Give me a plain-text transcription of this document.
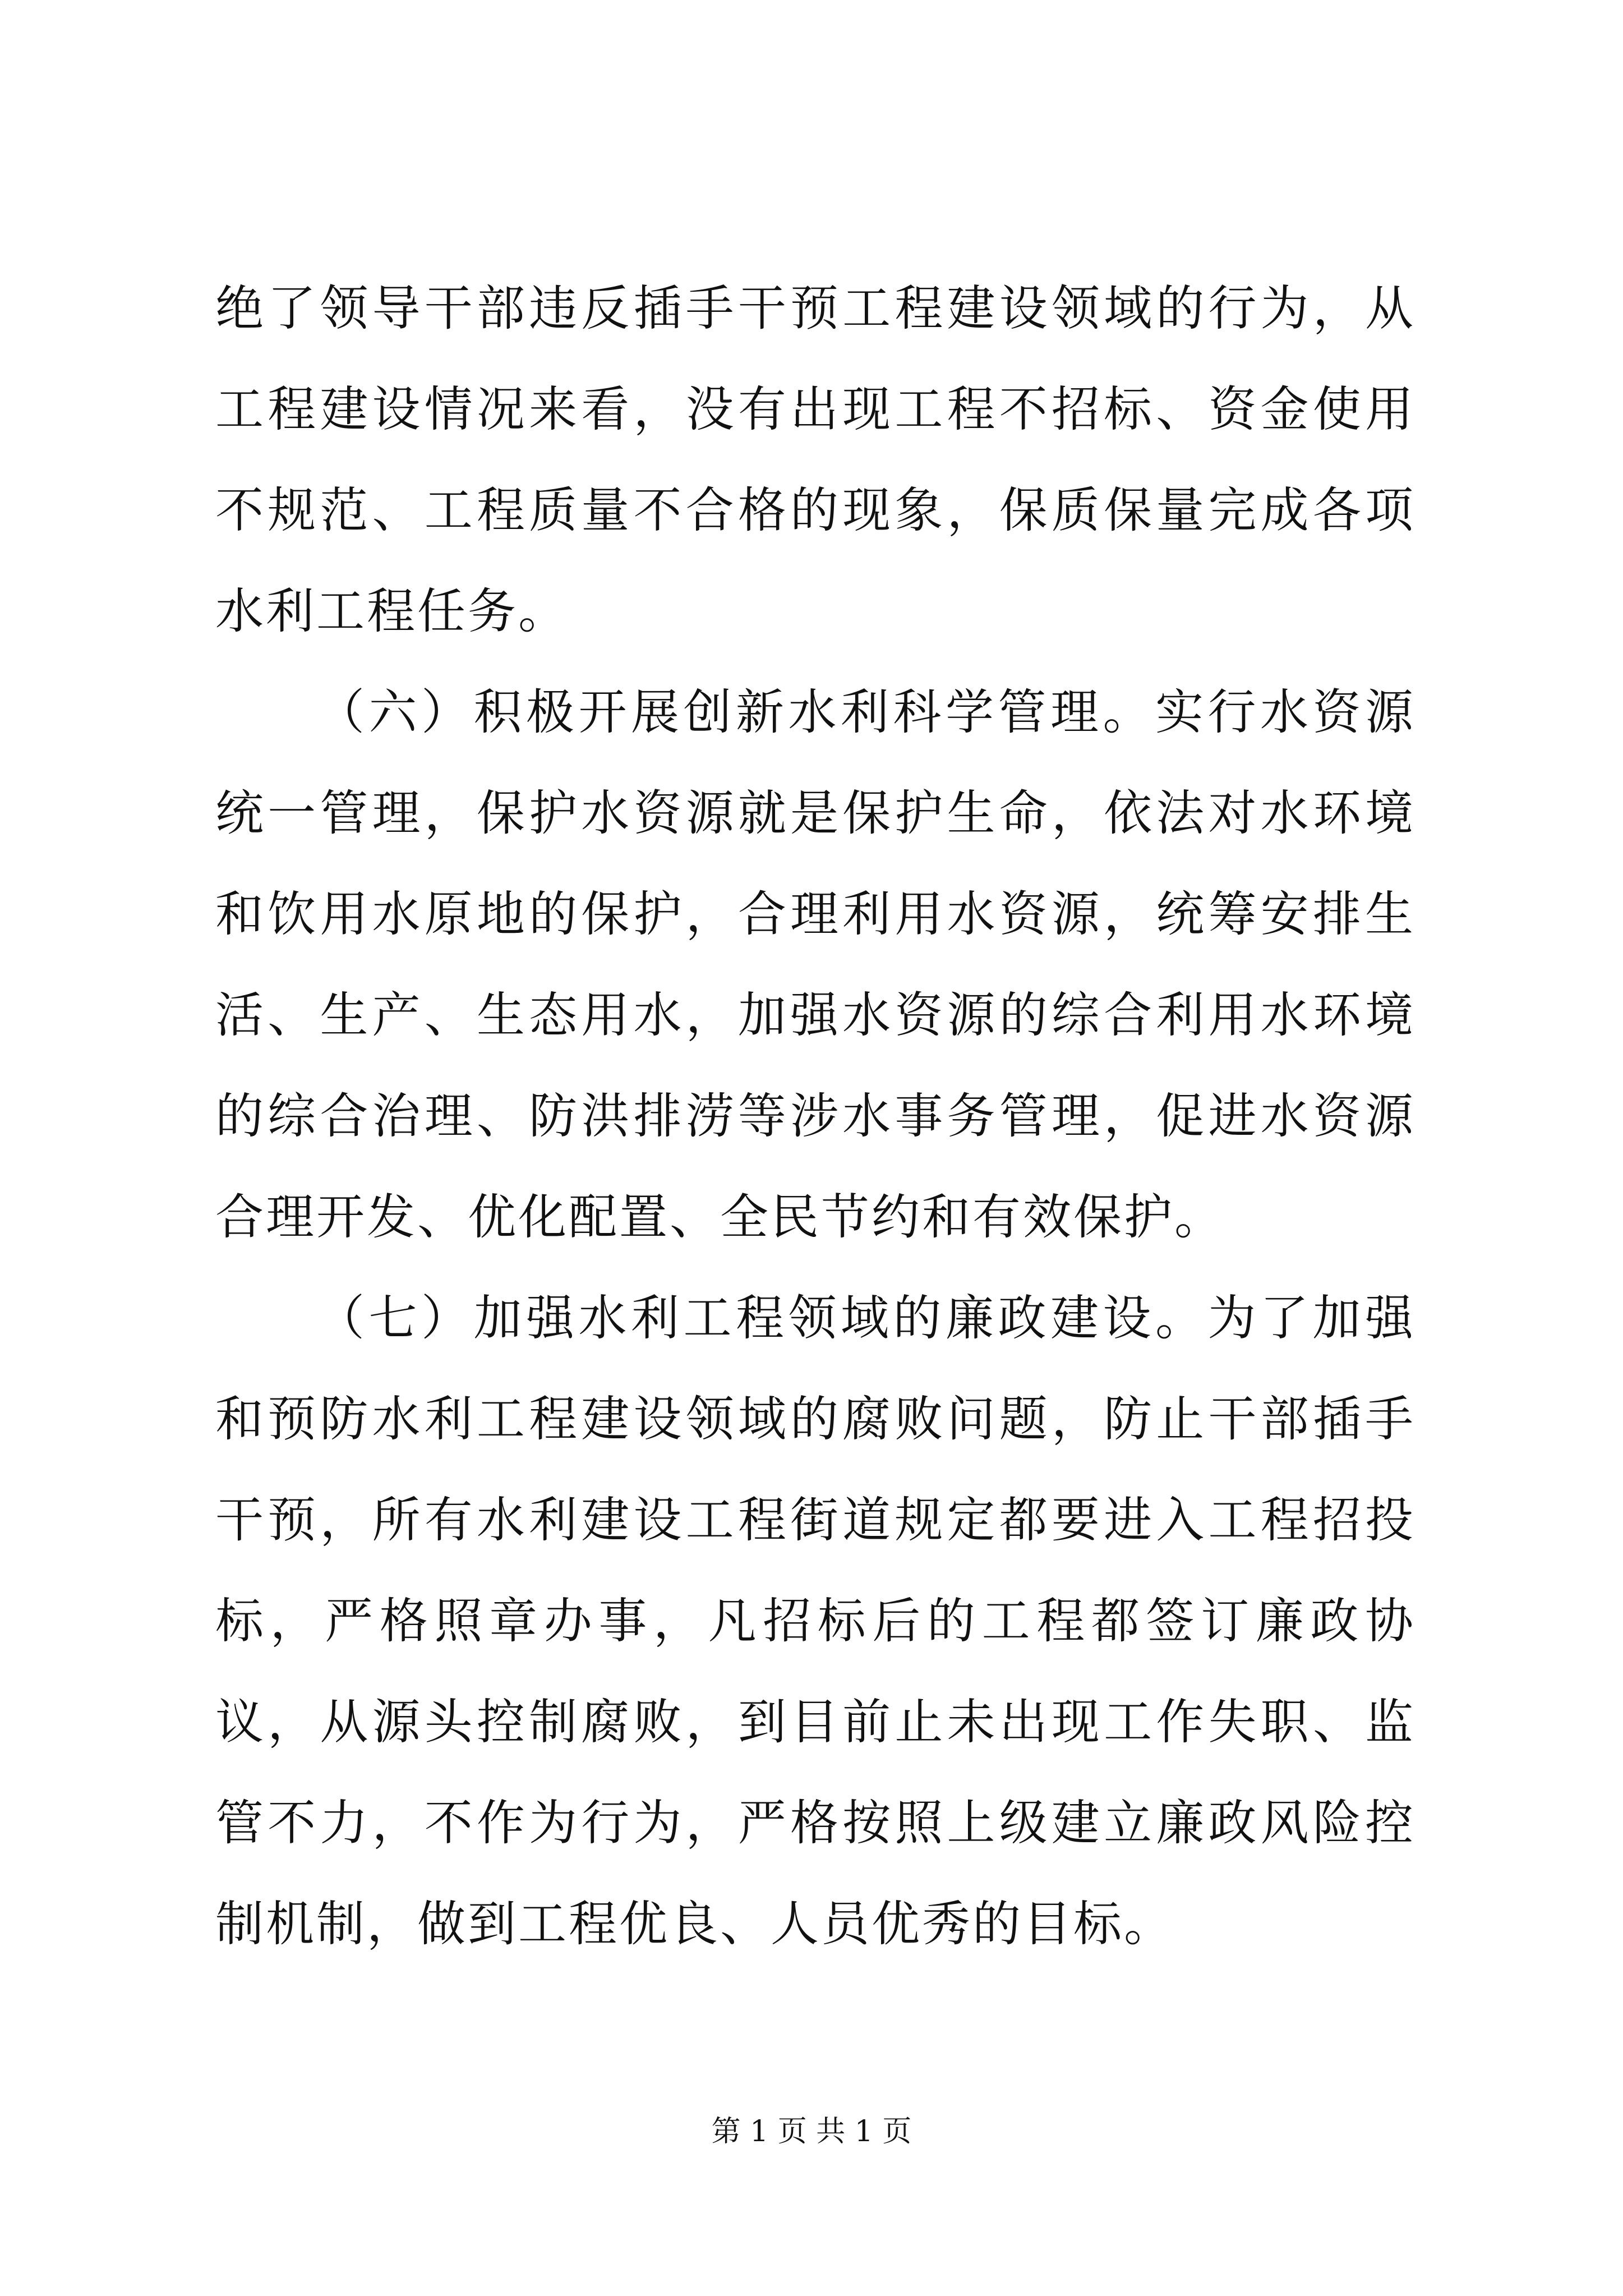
绝了领导干部违反插手干预工程建设领域的行为，从工程建设情况来看，没有出现工程不招标、资金使用不规范、工程质量不合格的现象，保质保量完成各项水利工程任务。

（六）积极开展创新水利科学管理。实行水资源统一管理，保护水资源就是保护生命，依法对水环境和饮用水原地的保护，合理利用水资源，统筹安排生活、生产、生态用水，加强水资源的综合利用水环境的综合治理、防洪排涝等涉水事务管理，促进水资源合理开发、优化配置、全民节约和有效保护。

（七）加强水利工程领域的廉政建设。为了加强和预防水利工程建设领域的腐败问题，防止干部插手干预，所有水利建设工程街道规定都要进入工程招投标，严格照章办事，凡招标后的工程都签订廉政协议，从源头控制腐败，到目前止未出现工作失职、监管不力，不作为行为，严格按照上级建立廉政风险控制机制，做到工程优良、人员优秀的目标。

第 1 页 共 1 页
